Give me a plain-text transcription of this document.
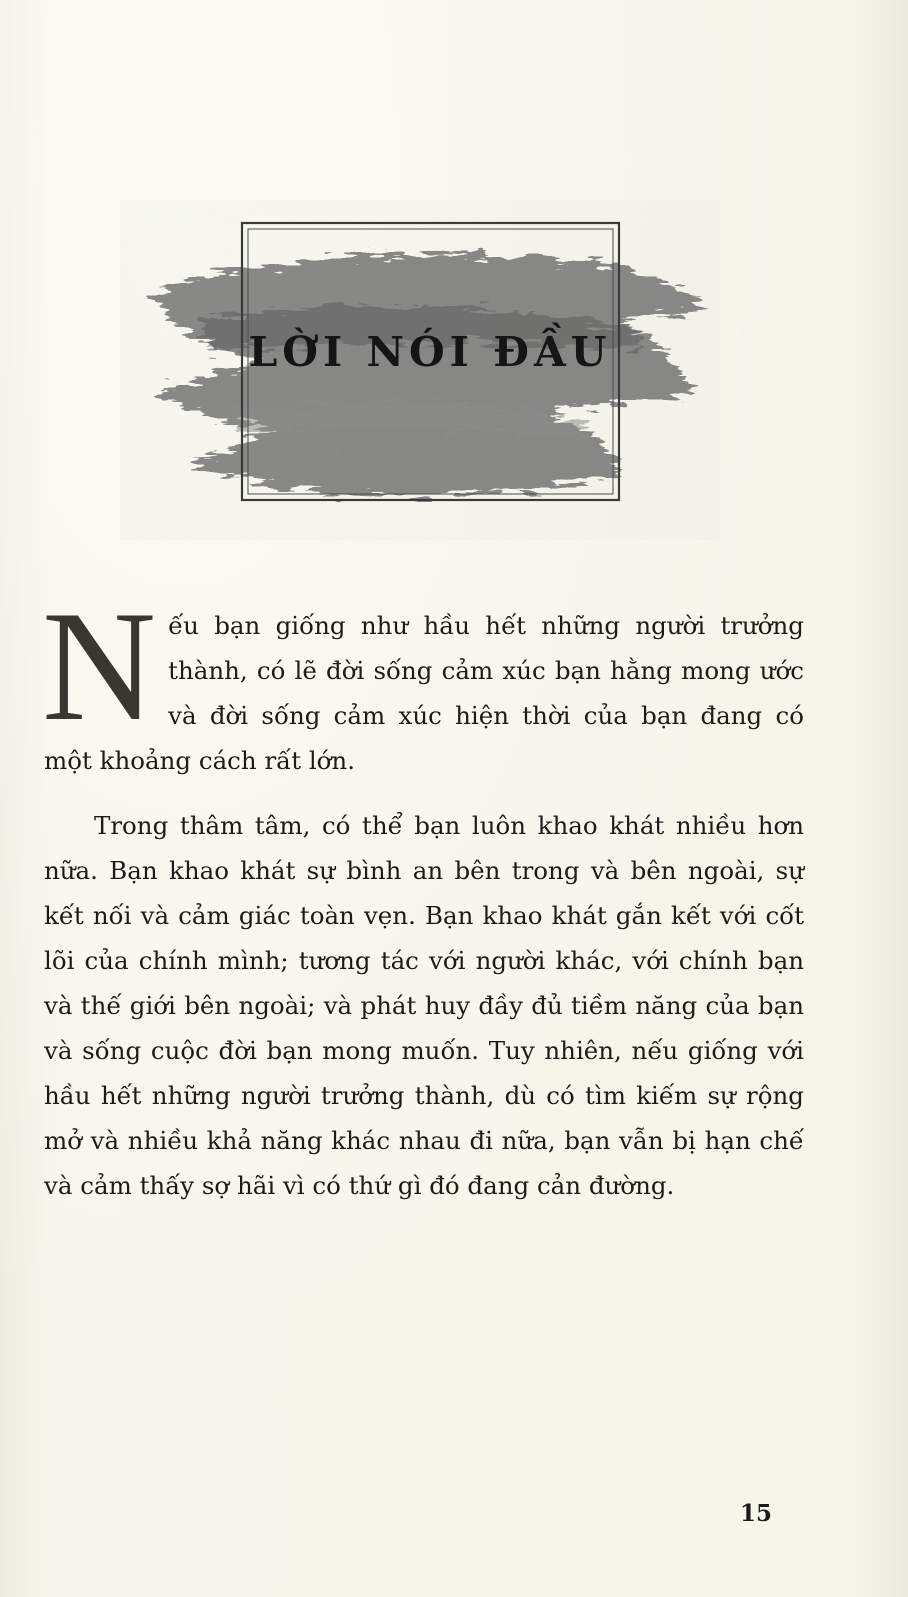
LỜI NÓI ĐẦU

Nếu bạn giống như hầu hết những người trưởng thành, có lẽ đời sống cảm xúc bạn hằng mong ước và đời sống cảm xúc hiện thời của bạn đang có một khoảng cách rất lớn.

Trong thâm tâm, có thể bạn luôn khao khát nhiều hơn nữa. Bạn khao khát sự bình an bên trong và bên ngoài, sự kết nối và cảm giác toàn vẹn. Bạn khao khát gắn kết với cốt lõi của chính mình; tương tác với người khác, với chính bạn và thế giới bên ngoài; và phát huy đầy đủ tiềm năng của bạn và sống cuộc đời bạn mong muốn. Tuy nhiên, nếu giống với hầu hết những người trưởng thành, dù có tìm kiếm sự rộng mở và nhiều khả năng khác nhau đi nữa, bạn vẫn bị hạn chế và cảm thấy sợ hãi vì có thứ gì đó đang cản đường.

15
